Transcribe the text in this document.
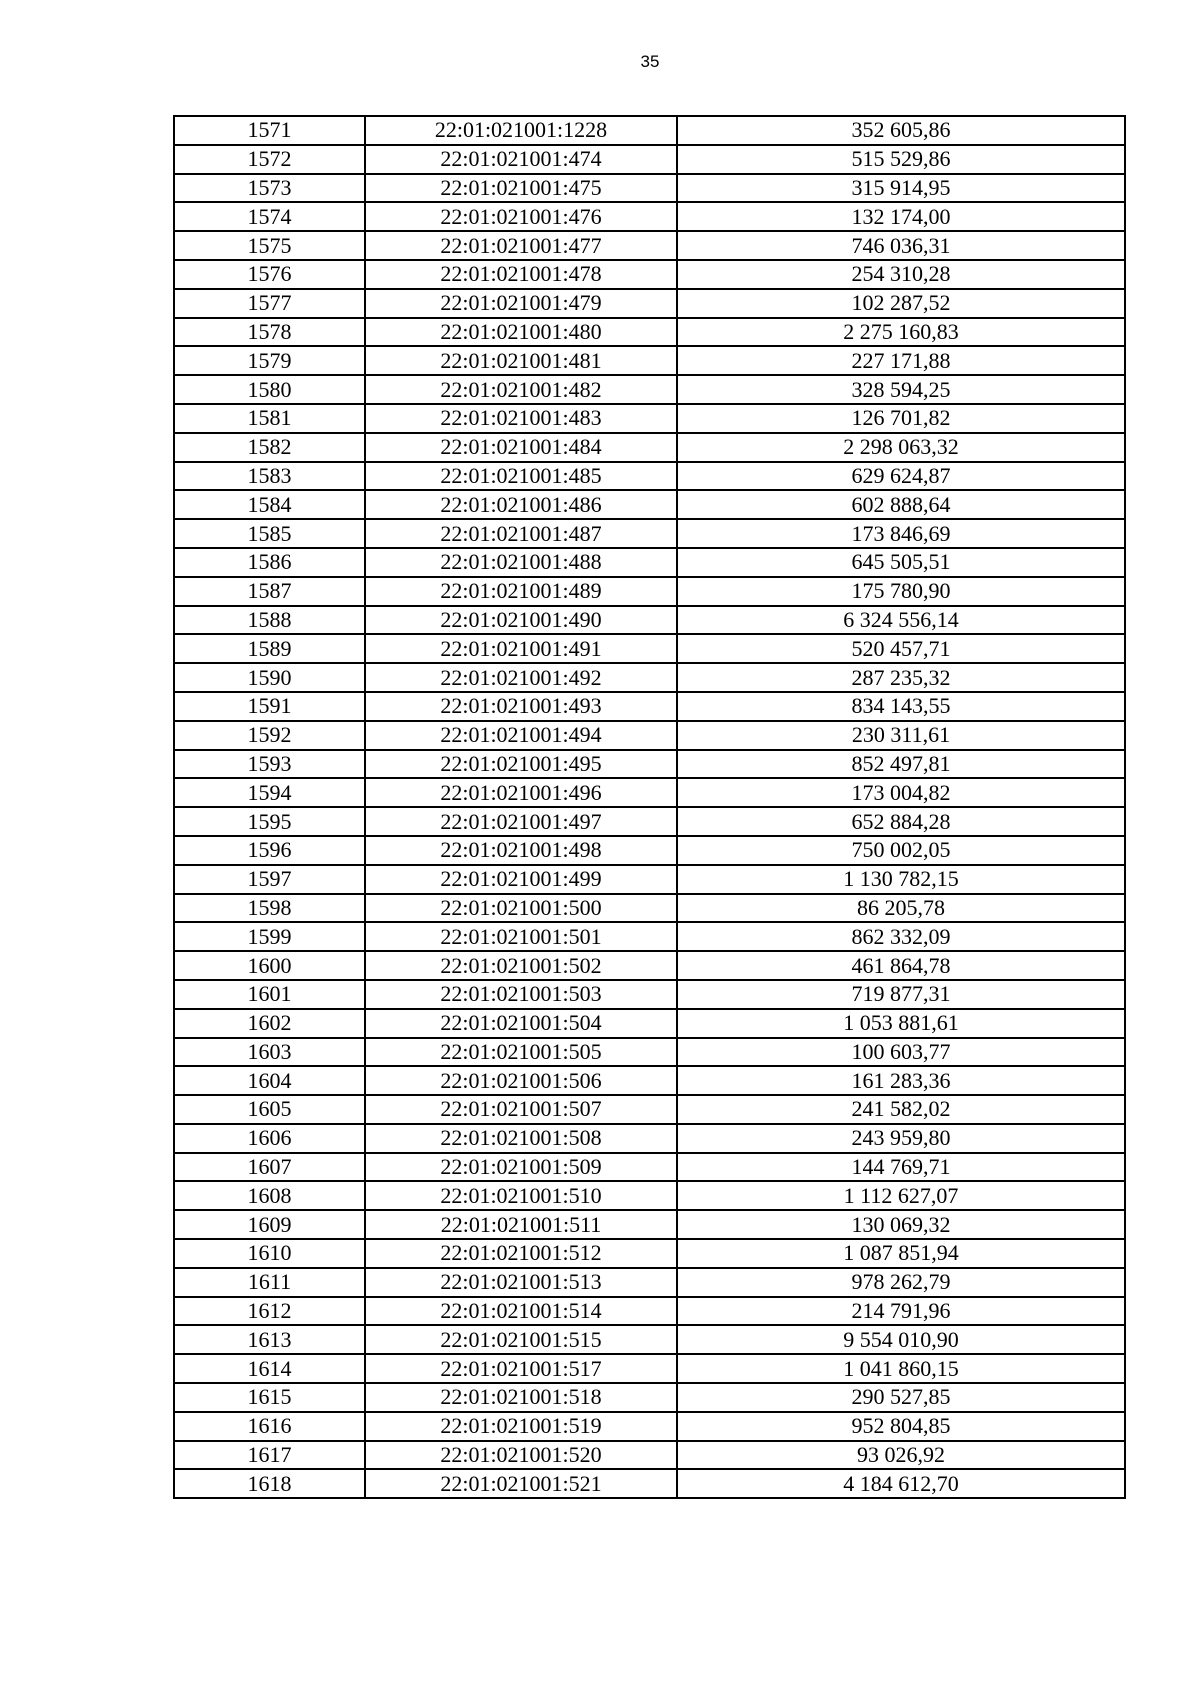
35
1571	22:01:021001:1228	352 605,86
1572	22:01:021001:474	515 529,86
1573	22:01:021001:475	315 914,95
1574	22:01:021001:476	132 174,00
1575	22:01:021001:477	746 036,31
1576	22:01:021001:478	254 310,28
1577	22:01:021001:479	102 287,52
1578	22:01:021001:480	2 275 160,83
1579	22:01:021001:481	227 171,88
1580	22:01:021001:482	328 594,25
1581	22:01:021001:483	126 701,82
1582	22:01:021001:484	2 298 063,32
1583	22:01:021001:485	629 624,87
1584	22:01:021001:486	602 888,64
1585	22:01:021001:487	173 846,69
1586	22:01:021001:488	645 505,51
1587	22:01:021001:489	175 780,90
1588	22:01:021001:490	6 324 556,14
1589	22:01:021001:491	520 457,71
1590	22:01:021001:492	287 235,32
1591	22:01:021001:493	834 143,55
1592	22:01:021001:494	230 311,61
1593	22:01:021001:495	852 497,81
1594	22:01:021001:496	173 004,82
1595	22:01:021001:497	652 884,28
1596	22:01:021001:498	750 002,05
1597	22:01:021001:499	1 130 782,15
1598	22:01:021001:500	86 205,78
1599	22:01:021001:501	862 332,09
1600	22:01:021001:502	461 864,78
1601	22:01:021001:503	719 877,31
1602	22:01:021001:504	1 053 881,61
1603	22:01:021001:505	100 603,77
1604	22:01:021001:506	161 283,36
1605	22:01:021001:507	241 582,02
1606	22:01:021001:508	243 959,80
1607	22:01:021001:509	144 769,71
1608	22:01:021001:510	1 112 627,07
1609	22:01:021001:511	130 069,32
1610	22:01:021001:512	1 087 851,94
1611	22:01:021001:513	978 262,79
1612	22:01:021001:514	214 791,96
1613	22:01:021001:515	9 554 010,90
1614	22:01:021001:517	1 041 860,15
1615	22:01:021001:518	290 527,85
1616	22:01:021001:519	952 804,85
1617	22:01:021001:520	93 026,92
1618	22:01:021001:521	4 184 612,70
